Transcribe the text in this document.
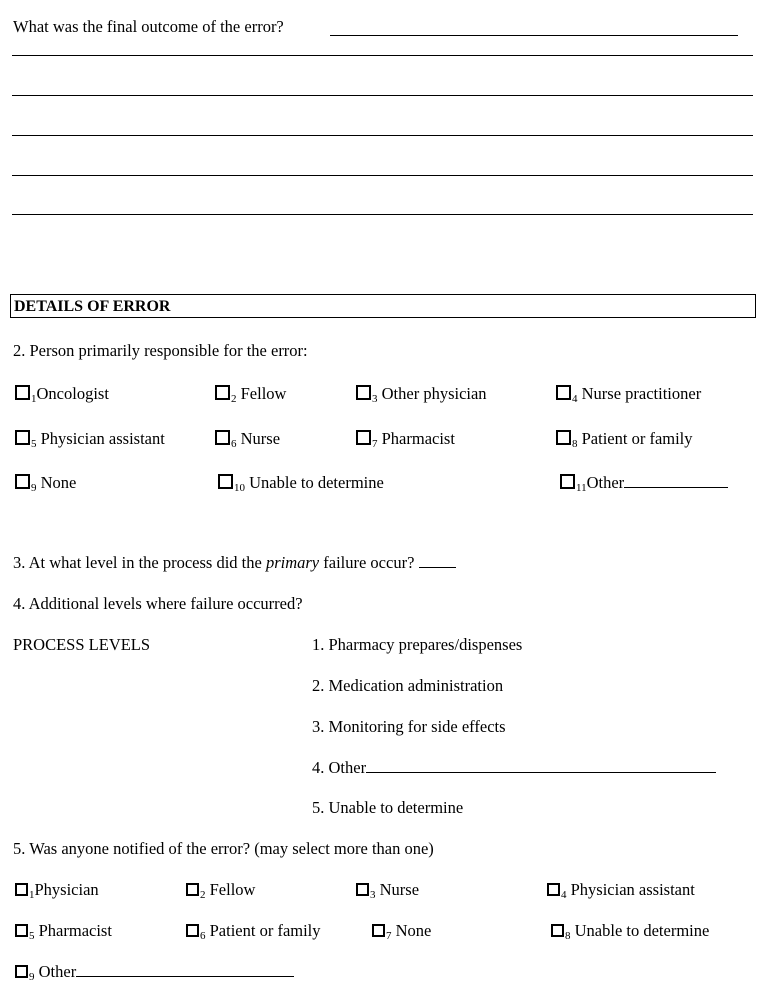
What was the final outcome of the error?
DETAILS OF ERROR
2. Person primarily responsible for the error:
$_1$Oncologist	$_2$ Fellow	$_3$ Other physician	$_4$ Nurse practitioner
$_5$ Physician assistant	$_6$ Nurse	$_7$ Pharmacist	$_8$ Patient or family
$_9$ None	$_{10}$ Unable to determine	$_{11}$Other
3. At what level in the process did the primary failure occur?
4. Additional levels where failure occurred?
PROCESS LEVELS	1. Pharmacy prepares/dispenses
2. Medication administration
3. Monitoring for side effects
4. Other
5. Unable to determine
5. Was anyone notified of the error? (may select more than one)
$_1$Physician	$_2$ Fellow	$_3$ Nurse	$_4$ Physician assistant
$_5$ Pharmacist	$_6$ Patient or family	$_7$ None	$_8$ Unable to determine
$_9$ Other
